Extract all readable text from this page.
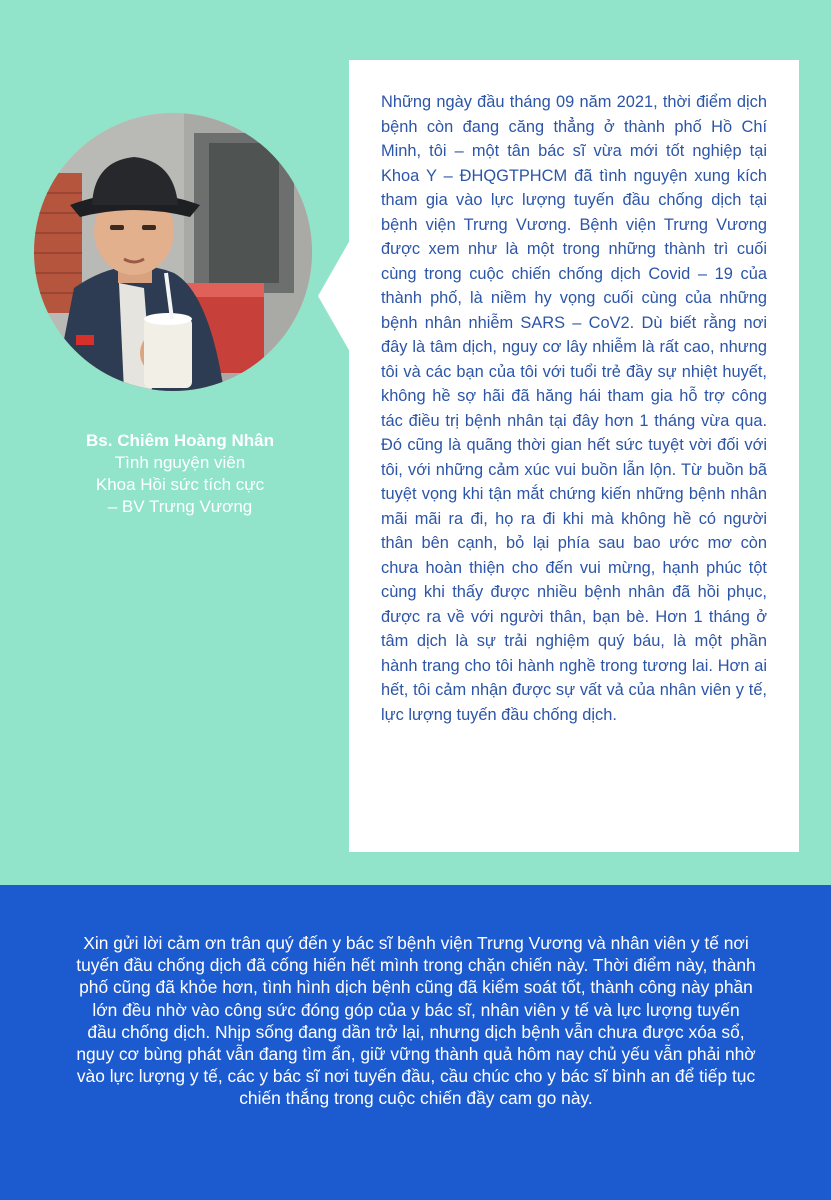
Bs. Chiêm Hoàng Nhân
Tình nguyện viên
Khoa Hồi sức tích cực
– BV Trưng Vương

Những ngày đầu tháng 09 năm 2021, thời điểm dịch bệnh còn đang căng thẳng ở thành phố Hồ Chí Minh, tôi – một tân bác sĩ vừa mới tốt nghiệp tại Khoa Y – ĐHQGTPHCM đã tình nguyện xung kích tham gia vào lực lượng tuyến đầu chống dịch tại bệnh viện Trưng Vương. Bệnh viện Trưng Vương được xem như là một trong những thành trì cuối cùng trong cuộc chiến chống dịch Covid – 19 của thành phố, là niềm hy vọng cuối cùng của những bệnh nhân nhiễm SARS – CoV2. Dù biết rằng nơi đây là tâm dịch, nguy cơ lây nhiễm là rất cao, nhưng tôi và các bạn của tôi với tuổi trẻ đầy sự nhiệt huyết, không hề sợ hãi đã hăng hái tham gia hỗ trợ công tác điều trị bệnh nhân tại đây hơn 1 tháng vừa qua. Đó cũng là quãng thời gian hết sức tuyệt vời đối với tôi, với những cảm xúc vui buồn lẫn lộn. Từ buồn bã tuyệt vọng khi tận mắt chứng kiến những bệnh nhân mãi mãi ra đi, họ ra đi khi mà không hề có người thân bên cạnh, bỏ lại phía sau bao ước mơ còn chưa hoàn thiện cho đến vui mừng, hạnh phúc tột cùng khi thấy được nhiều bệnh nhân đã hồi phục, được ra về với người thân, bạn bè. Hơn 1 tháng ở tâm dịch là sự trải nghiệm quý báu, là một phần hành trang cho tôi hành nghề trong tương lai. Hơn ai hết, tôi cảm nhận được sự vất vả của nhân viên y tế, lực lượng tuyến đầu chống dịch.

Xin gửi lời cảm ơn trân quý đến y bác sĩ bệnh viện Trưng Vương và nhân viên y tế nơi tuyến đầu chống dịch đã cống hiến hết mình trong chặn chiến này. Thời điểm này, thành phố cũng đã khỏe hơn, tình hình dịch bệnh cũng đã kiểm soát tốt, thành công này phần lớn đều nhờ vào công sức đóng góp của y bác sĩ, nhân viên y tế và lực lượng tuyến đầu chống dịch. Nhịp sống đang dần trở lại, nhưng dịch bệnh vẫn chưa được xóa sổ, nguy cơ bùng phát vẫn đang tìm ẩn, giữ vững thành quả hôm nay chủ yếu vẫn phải nhờ vào lực lượng y tế, các y bác sĩ nơi tuyến đầu, cầu chúc cho y bác sĩ bình an để tiếp tục chiến thắng trong cuộc chiến đầy cam go này.
